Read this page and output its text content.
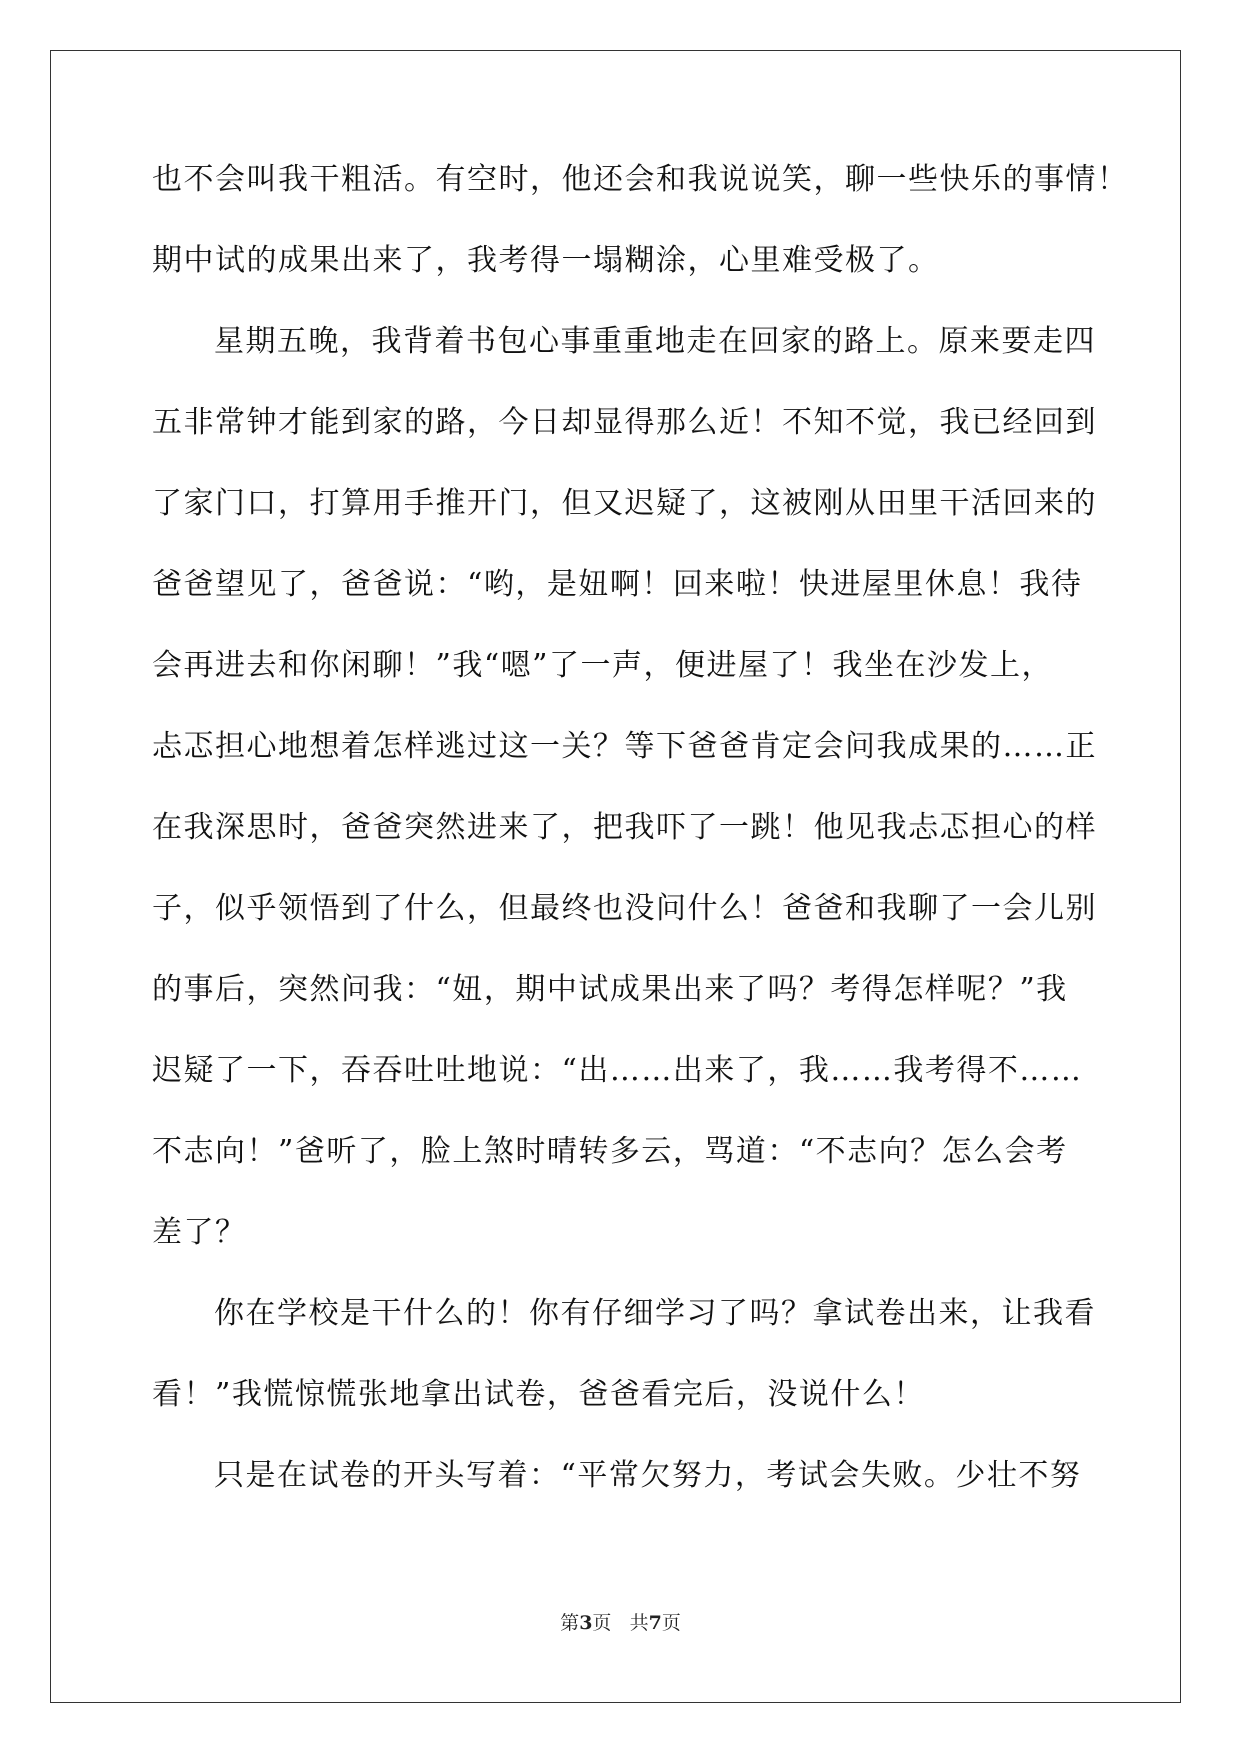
也不会叫我干粗活。有空时，他还会和我说说笑，聊一些快乐的事情！
期中试的成果出来了，我考得一塌糊涂，心里难受极了。
星期五晚，我背着书包心事重重地走在回家的路上。原来要走四
五非常钟才能到家的路，今日却显得那么近！不知不觉，我已经回到
了家门口，打算用手推开门，但又迟疑了，这被刚从田里干活回来的
爸爸望见了，爸爸说：“哟，是妞啊！回来啦！快进屋里休息！我待
会再进去和你闲聊！”我“嗯”了一声，便进屋了！我坐在沙发上，
忐忑担心地想着怎样逃过这一关？等下爸爸肯定会问我成果的……正
在我深思时，爸爸突然进来了，把我吓了一跳！他见我忐忑担心的样
子，似乎领悟到了什么，但最终也没问什么！爸爸和我聊了一会儿别
的事后，突然问我：“妞，期中试成果出来了吗？考得怎样呢？”我
迟疑了一下，吞吞吐吐地说：“出……出来了，我……我考得不……
不志向！”爸听了，脸上煞时晴转多云，骂道：“不志向？怎么会考
差了？
你在学校是干什么的！你有仔细学习了吗？拿试卷出来，让我看
看！”我慌惊慌张地拿出试卷，爸爸看完后，没说什么！
只是在试卷的开头写着：“平常欠努力，考试会失败。少壮不努
第3页 共7页
